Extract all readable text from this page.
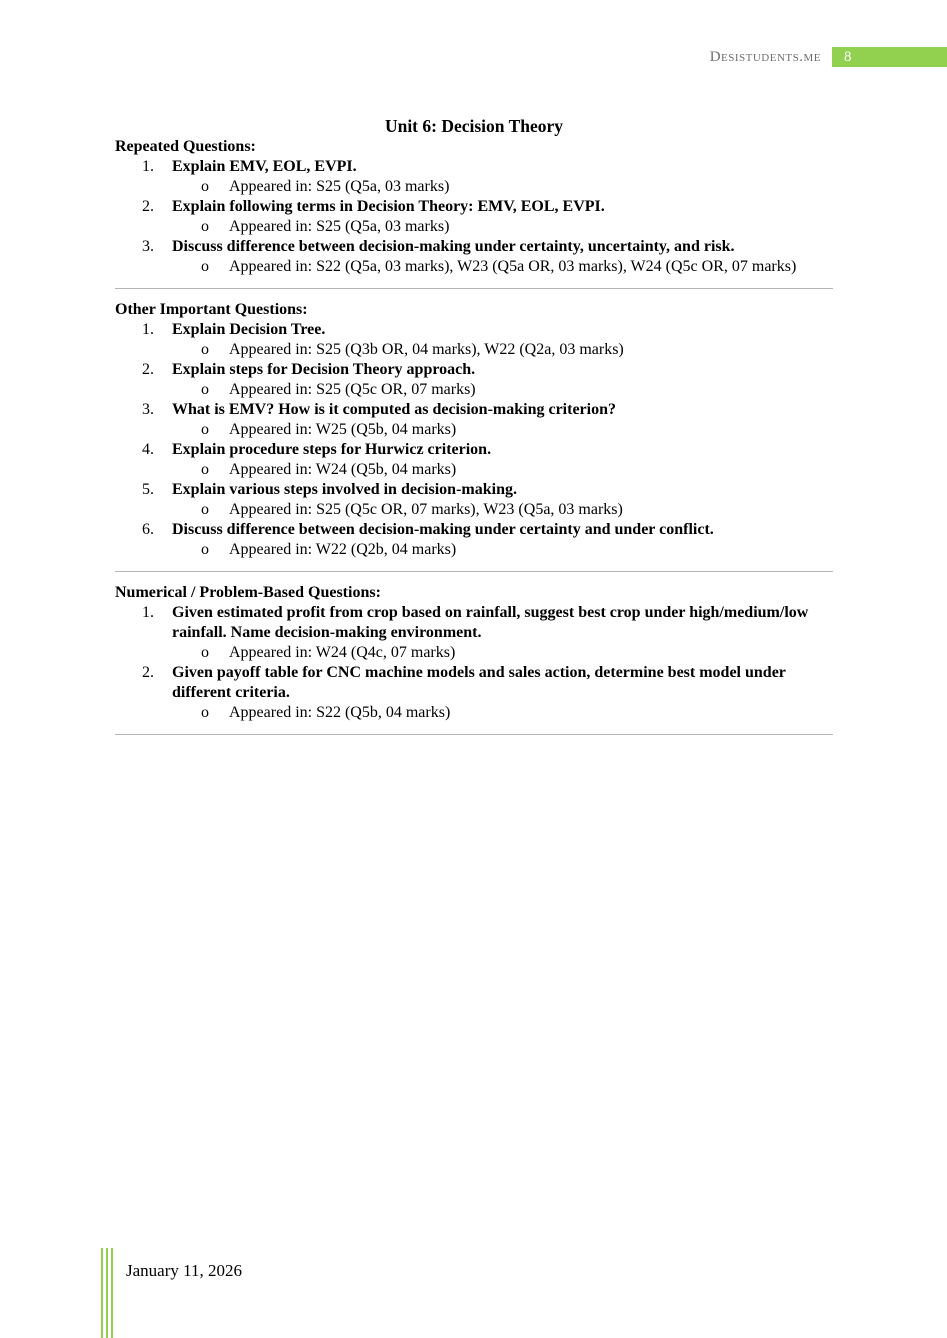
Desistudents.me	8
Unit 6: Decision Theory
Repeated Questions:
1. Explain EMV, EOL, EVPI.
o Appeared in: S25 (Q5a, 03 marks)
2. Explain following terms in Decision Theory: EMV, EOL, EVPI.
o Appeared in: S25 (Q5a, 03 marks)
3. Discuss difference between decision-making under certainty, uncertainty, and risk.
o Appeared in: S22 (Q5a, 03 marks), W23 (Q5a OR, 03 marks), W24 (Q5c OR, 07 marks)
Other Important Questions:
1. Explain Decision Tree.
o Appeared in: S25 (Q3b OR, 04 marks), W22 (Q2a, 03 marks)
2. Explain steps for Decision Theory approach.
o Appeared in: S25 (Q5c OR, 07 marks)
3. What is EMV? How is it computed as decision-making criterion?
o Appeared in: W25 (Q5b, 04 marks)
4. Explain procedure steps for Hurwicz criterion.
o Appeared in: W24 (Q5b, 04 marks)
5. Explain various steps involved in decision-making.
o Appeared in: S25 (Q5c OR, 07 marks), W23 (Q5a, 03 marks)
6. Discuss difference between decision-making under certainty and under conflict.
o Appeared in: W22 (Q2b, 04 marks)
Numerical / Problem-Based Questions:
1. Given estimated profit from crop based on rainfall, suggest best crop under high/medium/low rainfall. Name decision-making environment.
o Appeared in: W24 (Q4c, 07 marks)
2. Given payoff table for CNC machine models and sales action, determine best model under different criteria.
o Appeared in: S22 (Q5b, 04 marks)
January 11, 2026
